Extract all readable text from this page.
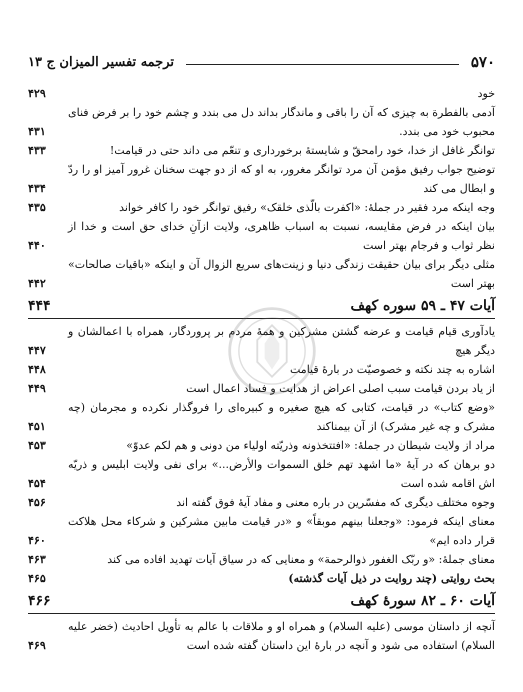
۵۷۰
ترجمه تفسیر المیزان ج ۱۳
خود
۴۲۹
آدمی بالفطرة به چیزی که آن را باقی و ماندگار بداند دل می بندد و چشم خود را بر فرض فنای محبوب خود می بندد.
۴۳۱
توانگر غافل از خدا، خود رامحقّ و شایستهٔ برخورداری و تنعّم می داند حتی در قیامت!
۴۳۳
توضیح جواب رفیق مؤمن آن مرد توانگر مغرور، به او که از دو جهت سخنان غرور آمیز او را ردّ و ابطال می کند
۴۳۴
وجه اینکه مرد فقیر در جملهٔ: «اکفرت بالّذی خلقک» رفیق توانگر خود را کافر خواند
۴۳۵
بیان اینکه در فرض مقایسه، نسبت به اسباب ظاهری، ولایت ازآنِ خدای حق است و خدا از نظر ثواب و فرجام بهتر است
۴۴۰
مثلی دیگر برای بیان حقیقت زندگی دنیا و زینت‌های سریع الزوال آن و اینکه «باقیات صالحات» بهتر است
۴۴۲
آیات ۴۷ ـ ۵۹ سوره کهف
۴۴۴
یادآوری قیام قیامت و عرضه گشتن مشرکین و همهٔ مردم بر پروردگار، همراه با اعمالشان و دیگر هیچ
۴۴۷
اشاره به چند نکته و خصوصیّت در بارهٔ قیامت
۴۴۸
از یاد بردن قیامت سبب اصلی اعراض از هدایت و فساد اعمال است
۴۴۹
«وضع کتاب» در قیامت، کتابی که هیچ صغیره و کبیره‌ای را فروگذار نکرده و مجرمان (چه مشرک و چه غیر مشرک) از آن بیمناکند
۴۵۱
مراد از ولایت شیطان در جملهٔ: «افتتخذونه وذریّته اولیاء من دونی و هم لکم عدوّ»
۴۵۳
دو برهان که در آیهٔ «ما اشهد تهم خلق السموات والأرض...» برای نفی ولایت ابلیس و ذریّه اش اقامه شده است
۴۵۴
وجوه مختلف دیگری که مفسّرین در باره معنی و مفاد آیهٔ فوق گفته اند
۴۵۶
معنای اینکه فرمود: «وجعلنا بینهم موبقاً» و «در قیامت مابین مشرکین و شرکاء محل هلاکت قرار داده ایم»
۴۶۰
معنای جملهٔ: «و ربّک الغفور ذوالرحمة» و معنایی که در سیاق آیات تهدید افاده می کند
۴۶۳
بحث روایتی (چند روایت در ذیل آیات گذشته)
۴۶۵
آیات ۶۰ ـ ۸۲ سورهٔ کهف
۴۶۶
آنچه از داستان موسی (علیه السلام) و همراه او و ملاقات با عالم به تأویل احادیث (خضر علیه السلام) استفاده می شود و آنچه در بارهٔ این داستان گفته شده است
۴۶۹
